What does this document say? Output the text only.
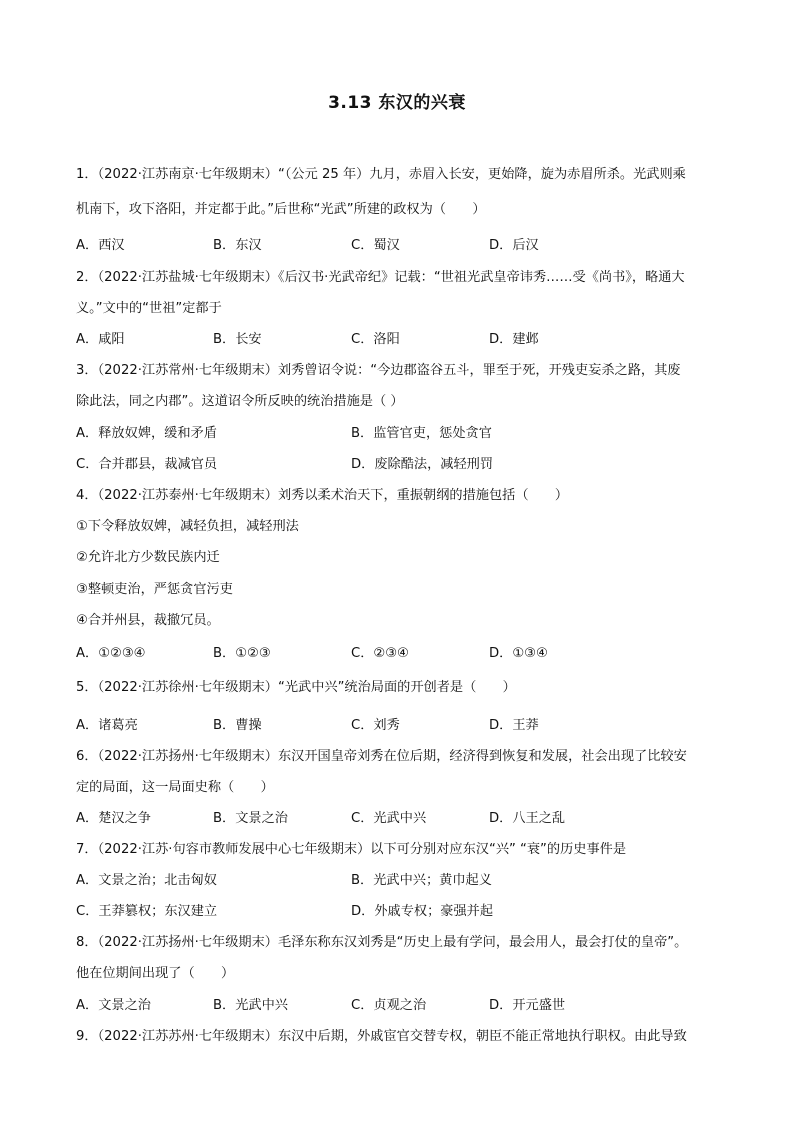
3.13 东汉的兴衰
1．（2022·江苏南京·七年级期末）“（公元 25 年）九月，赤眉入长安，更始降，旋为赤眉所杀。光武则乘
机南下，攻下洛阳，并定都于此。”后世称“光武”所建的政权为（　　）
A．西汉	B．东汉	C．蜀汉	D．后汉
2．（2022·江苏盐城·七年级期末）《后汉书·光武帝纪》记载：“世祖光武皇帝讳秀……受《尚书》，略通大
义。”文中的“世祖”定都于
A．咸阳	B．长安	C．洛阳	D．建邺
3．（2022·江苏常州·七年级期末）刘秀曾诏令说：“今边郡盗谷五斗，罪至于死，开残吏妄杀之路，其废
除此法，同之内郡”。这道诏令所反映的统治措施是（ ）
A．释放奴婢，缓和矛盾	B．监管官吏，惩处贪官
C．合并郡县，裁减官员	D．废除酷法，减轻刑罚
4．（2022·江苏泰州·七年级期末）刘秀以柔术治天下，重振朝纲的措施包括（　　）
①下令释放奴婢，减轻负担，减轻刑法
②允许北方少数民族内迁
③整顿吏治，严惩贪官污吏
④合并州县，裁撤冗员。
A．①②③④	B．①②③	C．②③④	D．①③④
5．（2022·江苏徐州·七年级期末）“光武中兴”统治局面的开创者是（　　）
A．诸葛亮	B．曹操	C．刘秀	D．王莽
6．（2022·江苏扬州·七年级期末）东汉开国皇帝刘秀在位后期，经济得到恢复和发展，社会出现了比较安
定的局面，这一局面史称（　　）
A．楚汉之争	B．文景之治	C．光武中兴	D．八王之乱
7．（2022·江苏·句容市教师发展中心七年级期末）以下可分别对应东汉“兴” “衰”的历史事件是
A．文景之治；北击匈奴	B．光武中兴；黄巾起义
C．王莽篡权；东汉建立	D．外戚专权；豪强并起
8．（2022·江苏扬州·七年级期末）毛泽东称东汉刘秀是“历史上最有学问，最会用人，最会打仗的皇帝”。
他在位期间出现了（　　）
A．文景之治	B．光武中兴	C．贞观之治	D．开元盛世
9．（2022·江苏苏州·七年级期末）东汉中后期，外戚宦官交替专权，朝臣不能正常地执行职权。由此导致
